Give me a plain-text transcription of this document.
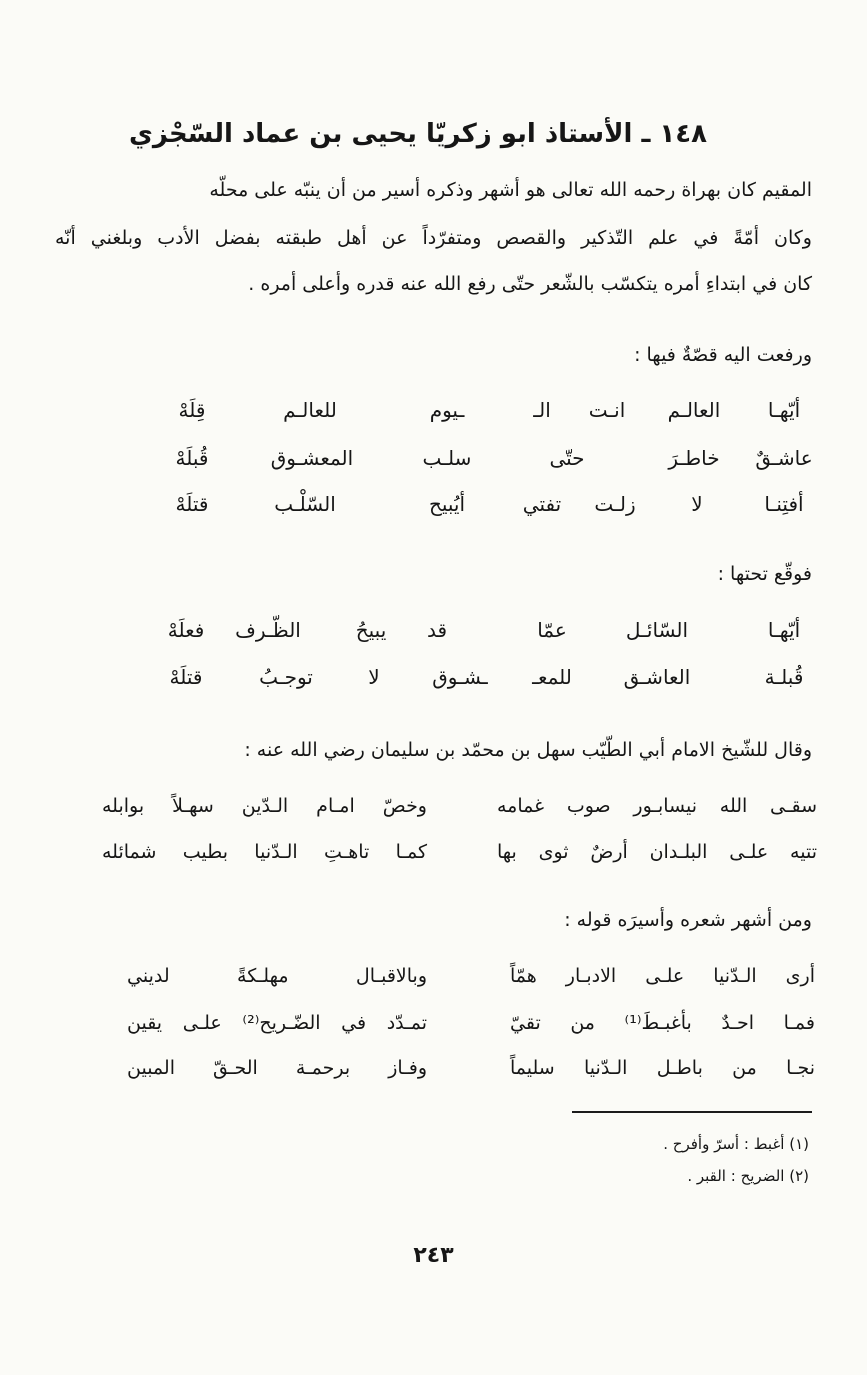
١٤٨ ـ الأستاذ ابو زكريّا يحيى بن عماد السّجْزي
المقيم كان بهراة رحمه الله تعالى هو أشهر وذكره أسير من أن ينبّه على محلّه
وكان أمّةً في علم التّذكير والقصص ومتفرّداً عن أهل طبقته بفضل الأدب وبلغني أنّه
كان في ابتداءِ أمره يتكسّب بالشّعر حتّى رفع الله عنه قدره وأعلى أمره .
ورفعت اليه قصّةٌ فيها :
أيّهـا
العالـم
انـت
الـ
ـيوم
للعالـم
قِلَهْ
عاشـقٌ
خاطـرَ
حتّى
سلـب
المعشـوق
قُبلَهْ
أفتِنـا
لا
زلـت
تفتي
أيُبيح
السّلْـب
قتلَهْ
فوقّع تحتها :
أيّهـا
السّائـل
عمّا
قد
يبيحُ
الظّـرف
فعلَهْ
قُبلـة
العاشـق
للمعـ
ـشـوق
لا
توجـبُ
قتلَهْ
وقال للشّيخ الامام أبي الطّيّب سهل بن محمّد بن سليمان رضي الله عنه :
سقـى الله نيسابـور صوب غمامه
وخصّ امـام الـدّين سهـلاً بوابله
تتيه علـى البلـدان أرضٌ ثوى بها
كمـا تاهـتِ الـدّنيا بطيب شمائله
ومن أشهر شعره وأسيرَه قوله :
أرى الـدّنيا علـى الادبـار همّاً
وبالاقبـال مهلـكةً لديني
فمـا احـدٌ بأغبـطَ⁽¹⁾ من تقيّ
تمـدّد في الضّـريح⁽²⁾ علـى يقين
نجـا من باطـل الـدّنيا سليماً
وفـاز برحمـة الحـقّ المبين
(١) أغبط : أسرّ وأفرح .
(٢) الضريح : القبر .
٢٤٣
